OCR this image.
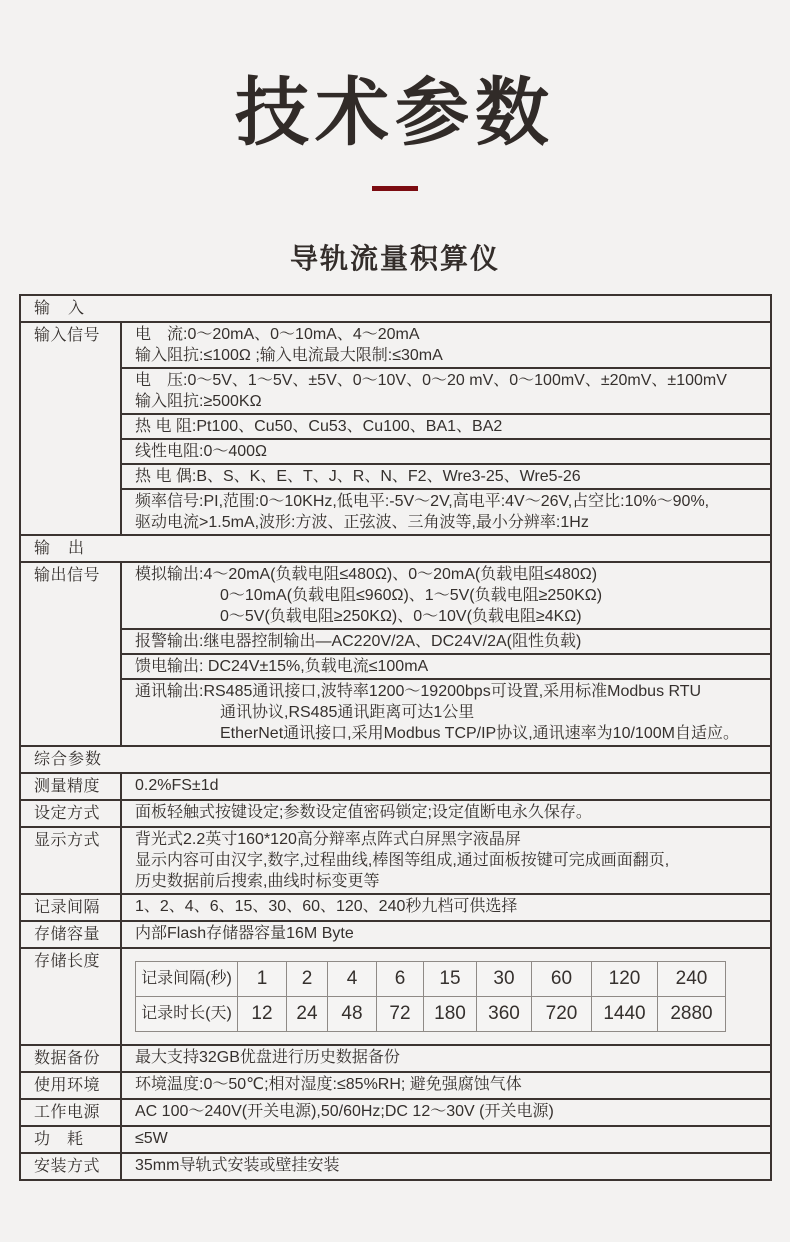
技术参数
导轨流量积算仪
输　入
输入信号	电　流:0～20mA、0～10mA、4～20mA
输入阻抗:≤100Ω ;输入电流最大限制:≤30mA
电　压:0～5V、1～5V、±5V、0～10V、0～20 mV、0～100mV、±20mV、±100mV
输入阻抗:≥500KΩ
热 电 阻:Pt100、Cu50、Cu53、Cu100、BA1、BA2
线性电阻:0～400Ω
热 电 偶:B、S、K、E、T、J、R、N、F2、Wre3-25、Wre5-26
频率信号:PI,范围:0～10KHz,低电平:-5V～2V,高电平:4V～26V,占空比:10%～90%,
驱动电流>1.5mA,波形:方波、正弦波、三角波等,最小分辨率:1Hz
输　出
输出信号	模拟输出:4～20mA(负载电阻≤480Ω)、0～20mA(负载电阻≤480Ω)
0～10mA(负载电阻≤960Ω)、1～5V(负载电阻≥250KΩ)
0～5V(负载电阻≥250KΩ)、0～10V(负载电阻≥4KΩ)
报警输出:继电器控制输出—AC220V/2A、DC24V/2A(阻性负载)
馈电输出: DC24V±15%,负载电流≤100mA
通讯输出:RS485通讯接口,波特率1200～19200bps可设置,采用标准Modbus RTU
通讯协议,RS485通讯距离可达1公里
EtherNet通讯接口,采用Modbus TCP/IP协议,通讯速率为10/100M自适应。
综合参数
测量精度	0.2%FS±1d
设定方式	面板轻触式按键设定;参数设定值密码锁定;设定值断电永久保存。
显示方式	背光式2.2英寸160*120高分辩率点阵式白屏黑字液晶屏
显示内容可由汉字,数字,过程曲线,棒图等组成,通过面板按键可完成画面翻页,
历史数据前后搜索,曲线时标变更等
记录间隔	1、2、4、6、15、30、60、120、240秒九档可供选择
存储容量	内部Flash存储器容量16M Byte
存储长度
记录间隔(秒)	1	2	4	6	15	30	60	120	240
记录时长(天)	12	24	48	72	180	360	720	1440	2880
数据备份	最大支持32GB优盘进行历史数据备份
使用环境	环境温度:0～50℃;相对湿度:≤85%RH; 避免强腐蚀气体
工作电源	AC 100～240V(开关电源),50/60Hz;DC 12～30V (开关电源)
功　耗	≤5W
安装方式	35mm导轨式安装或壁挂安装
